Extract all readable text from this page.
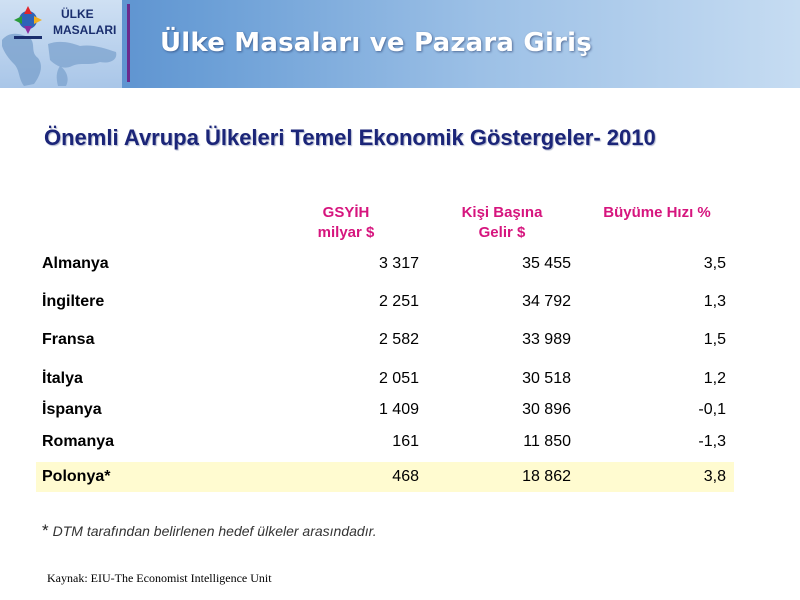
ÜLKE
MASALARI Ülke Masaları ve Pazara Giriş
Önemli Avrupa Ülkeleri Temel Ekonomik Göstergeler- 2010
GSYİH
milyar $
Kişi Başına
Gelir $
Büyüme Hızı %
Almanya	3 317	35 455	3,5
İngiltere	2 251	34 792	1,3
Fransa	2 582	33 989	1,5
İtalya	2 051	30 518	1,2
İspanya	1 409	30 896	-0,1
Romanya	161	11 850	-1,3
Polonya*	468	18 862	3,8
* DTM tarafından belirlenen hedef ülkeler arasındadır.
Kaynak: EIU-The Economist Intelligence Unit
